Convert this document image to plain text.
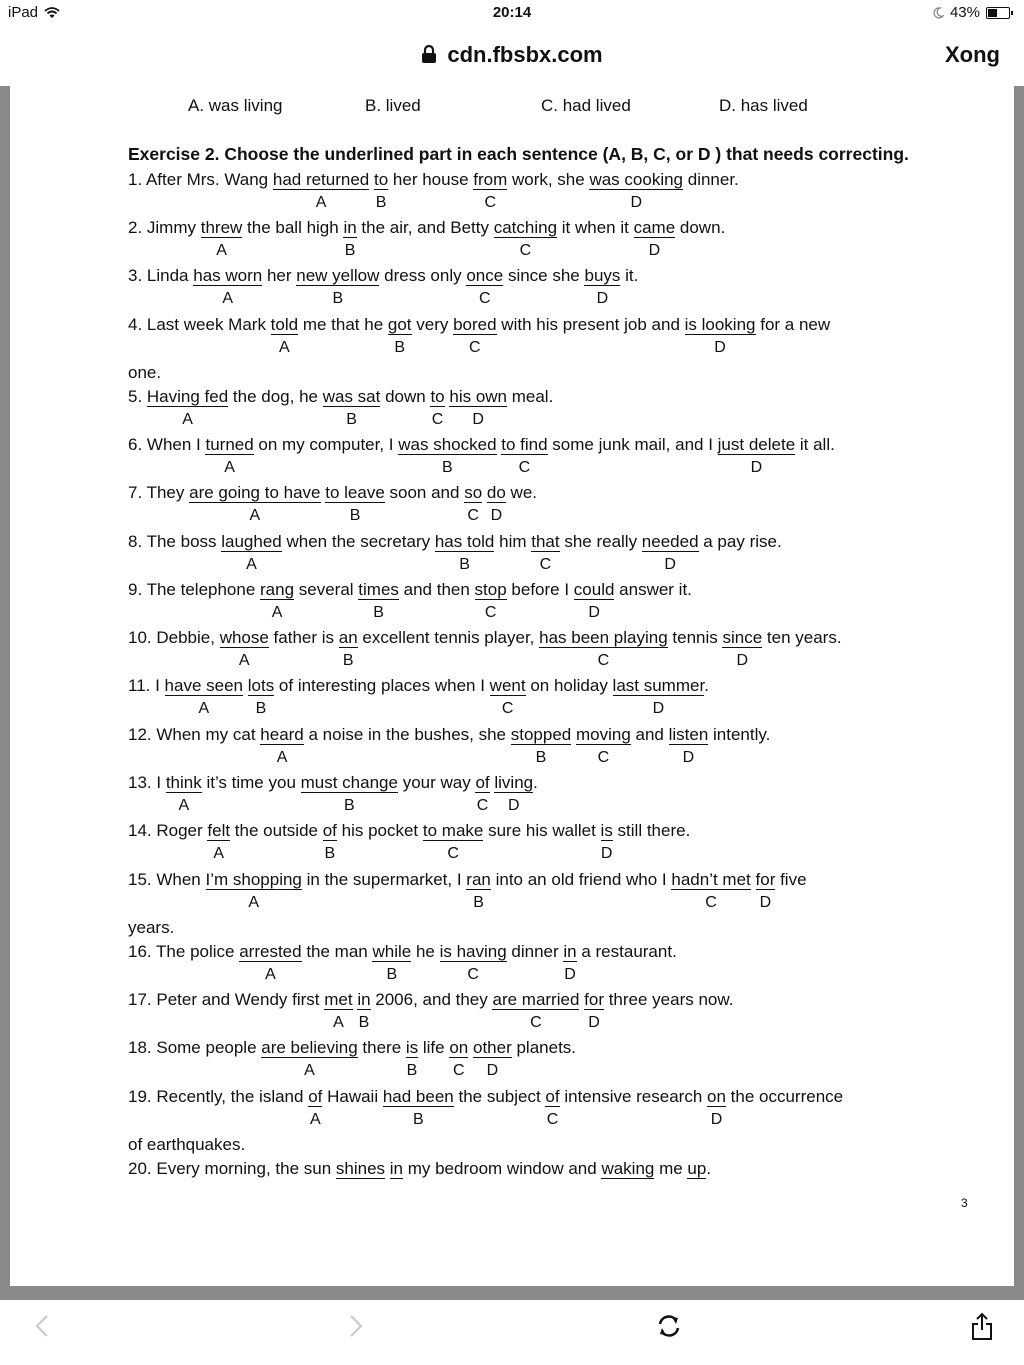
iPad	20:14	43%
cdn.fbsbx.com	Xong
A. was living	B. lived	C. had lived	D. has lived
Exercise 2. Choose the underlined part in each sentence (A, B, C, or D ) that needs correcting.
1. After Mrs. Wang had returned to her house from work, she was cooking dinner.
A	B	C	D
2. Jimmy threw the ball high in the air, and Betty catching it when it came down.
A	B	C	D
3. Linda has worn her new yellow dress only once since she buys it.
A	B	C	D
4. Last week Mark told me that he got very bored with his present job and is looking for a new
A	B	C	D
one.
5. Having fed the dog, he was sat down to his own meal.
A	B	C D
6. When I turned on my computer, I was shocked to find some junk mail, and I just delete it all.
A	B	C	D
7. They are going to have to leave soon and so do we.
A	B	C D
8. The boss laughed when the secretary has told him that she really needed a pay rise.
A	B	C	D
9. The telephone rang several times and then stop before I could answer it.
A	B	C	D
10. Debbie, whose father is an excellent tennis player, has been playing tennis since ten years.
A	B	C	D
11. I have seen lots of interesting places when I went on holiday last summer.
A	B	C	D
12. When my cat heard a noise in the bushes, she stopped moving and listen intently.
A	B	C	D
13. I think it’s time you must change your way of living.
A	B	C D
14. Roger felt the outside of his pocket to make sure his wallet is still there.
A	B	C	D
15. When I’m shopping in the supermarket, I ran into an old friend who I hadn’t met for five
A	B	C	D
years.
16. The police arrested the man while he is having dinner in a restaurant.
A	B	C	D
17. Peter and Wendy first met in 2006, and they are married for three years now.
A B	C	D
18. Some people are believing there is life on other planets.
A	B C D
19. Recently, the island of Hawaii had been the subject of intensive research on the occurrence
A	B	C	D
of earthquakes.
20. Every morning, the sun shines in my bedroom window and waking me up.
3
